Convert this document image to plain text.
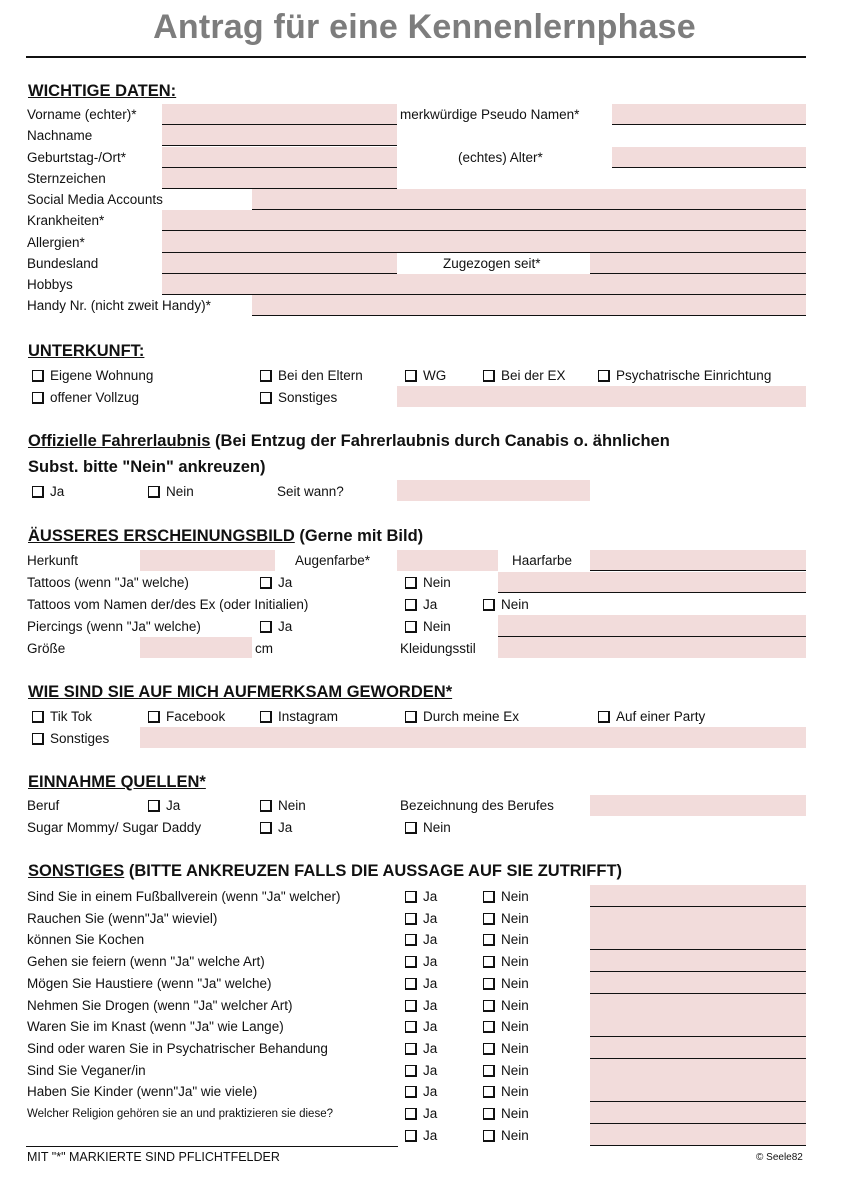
Antrag für eine Kennenlernphase
WICHTIGE DATEN:
Vorname (echter)*	merkwürdige Pseudo Namen*
Nachname
Geburtstag-/Ort*	(echtes) Alter*
Sternzeichen
Social Media Accounts
Krankheiten*
Allergien*
Bundesland	Zugezogen seit*
Hobbys
Handy Nr. (nicht zweit Handy)*
UNTERKUNFT:
Eigene Wohnung	Bei den Eltern	WG	Bei der EX	Psychatrische Einrichtung
offener Vollzug	Sonstiges
Offizielle Fahrerlaubnis (Bei Entzug der Fahrerlaubnis durch Canabis o. ähnlichen
Subst. bitte "Nein" ankreuzen)
Ja	Nein	Seit wann?
ÄUSSERES ERSCHEINUNGSBILD (Gerne mit Bild)
Herkunft	Augenfarbe*	Haarfarbe
Tattoos (wenn "Ja" welche)	Ja	Nein
Tattoos vom Namen der/des Ex (oder Initialien)	Ja	Nein
Piercings (wenn "Ja" welche)	Ja	Nein
Größe	cm	Kleidungsstil
WIE SIND SIE AUF MICH AUFMERKSAM GEWORDEN*
Tik Tok	Facebook	Instagram	Durch meine Ex	Auf einer Party
Sonstiges
EINNAHME QUELLEN*
Beruf	Ja	Nein	Bezeichnung des Berufes
Sugar Mommy/ Sugar Daddy	Ja	Nein
SONSTIGES (BITTE ANKREUZEN FALLS DIE AUSSAGE AUF SIE ZUTRIFFT)
Sind Sie in einem Fußballverein (wenn "Ja" welcher)	Ja	Nein
Rauchen Sie (wenn"Ja" wieviel)	Ja	Nein
können Sie Kochen	Ja	Nein
Gehen sie feiern (wenn "Ja" welche Art)	Ja	Nein
Mögen Sie Haustiere (wenn "Ja" welche)	Ja	Nein
Nehmen Sie Drogen (wenn "Ja" welcher Art)	Ja	Nein
Waren Sie im Knast (wenn "Ja" wie Lange)	Ja	Nein
Sind oder waren Sie in Psychatrischer Behandung	Ja	Nein
Sind Sie Veganer/in	Ja	Nein
Haben Sie Kinder (wenn"Ja" wie viele)	Ja	Nein
Welcher Religion gehören sie an und praktizieren sie diese?	Ja	Nein
Ja	Nein
MIT "*" MARKIERTE SIND PFLICHTFELDER	© Seele82
